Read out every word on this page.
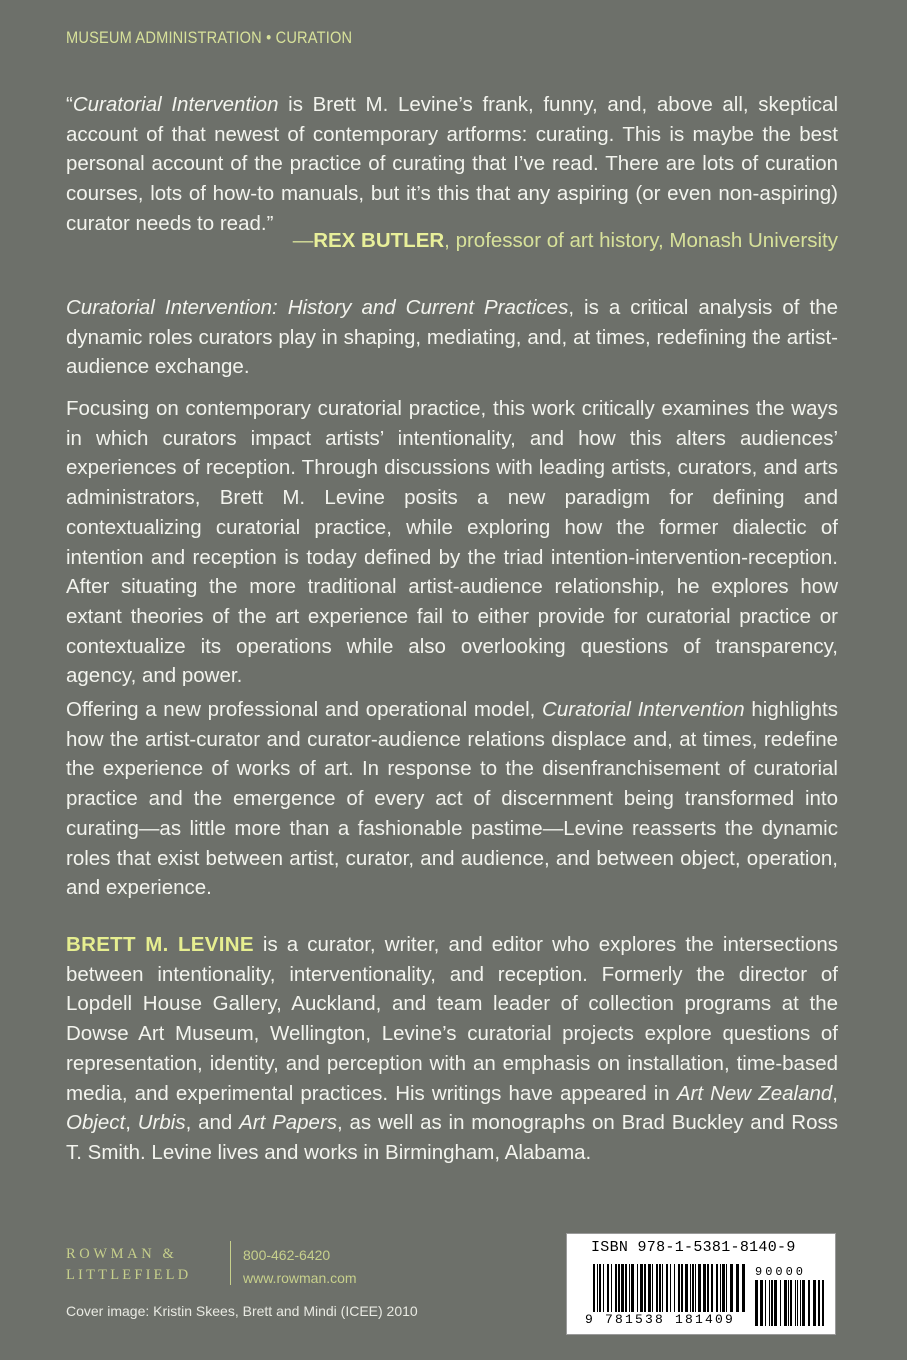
MUSEUM ADMINISTRATION • CURATION

“Curatorial Intervention is Brett M. Levine’s frank, funny, and, above all, skeptical account of that newest of contemporary artforms: curating. This is maybe the best personal account of the practice of curating that I’ve read. There are lots of curation courses, lots of how-to manuals, but it’s this that any aspiring (or even non-aspiring) curator needs to read.”

—REX BUTLER, professor of art history, Monash University

Curatorial Intervention: History and Current Practices, is a critical analysis of the dynamic roles curators play in shaping, mediating, and, at times, redefining the artist-audience exchange.

Focusing on contemporary curatorial practice, this work critically examines the ways in which curators impact artists’ intentionality, and how this alters audiences’ experiences of reception. Through discussions with leading artists, curators, and arts administrators, Brett M. Levine posits a new paradigm for defining and contextualizing curatorial practice, while exploring how the former dialectic of intention and reception is today defined by the triad intention-intervention-reception. After situating the more traditional artist-audience relationship, he explores how extant theories of the art experience fail to either provide for curatorial practice or contextualize its operations while also overlooking questions of transparency, agency, and power.

Offering a new professional and operational model, Curatorial Intervention highlights how the artist-curator and curator-audience relations displace and, at times, redefine the experience of works of art. In response to the disenfranchisement of curatorial practice and the emergence of every act of discernment being transformed into curating—as little more than a fashionable pastime—Levine reasserts the dynamic roles that exist between artist, curator, and audience, and between object, operation, and experience.

BRETT M. LEVINE is a curator, writer, and editor who explores the intersections between intentionality, interventionality, and reception. Formerly the director of Lopdell House Gallery, Auckland, and team leader of collection programs at the Dowse Art Museum, Wellington, Levine’s curatorial projects explore questions of representation, identity, and perception with an emphasis on installation, time-based media, and experimental practices. His writings have appeared in Art New Zealand, Object, Urbis, and Art Papers, as well as in monographs on Brad Buckley and Ross T. Smith. Levine lives and works in Birmingham, Alabama.

ROWMAN &
LITTLEFIELD
800-462-6420
www.rowman.com
Cover image: Kristin Skees, Brett and Mindi (ICEE) 2010
ISBN 978-1-5381-8140-9
90000
9 781538 181409
